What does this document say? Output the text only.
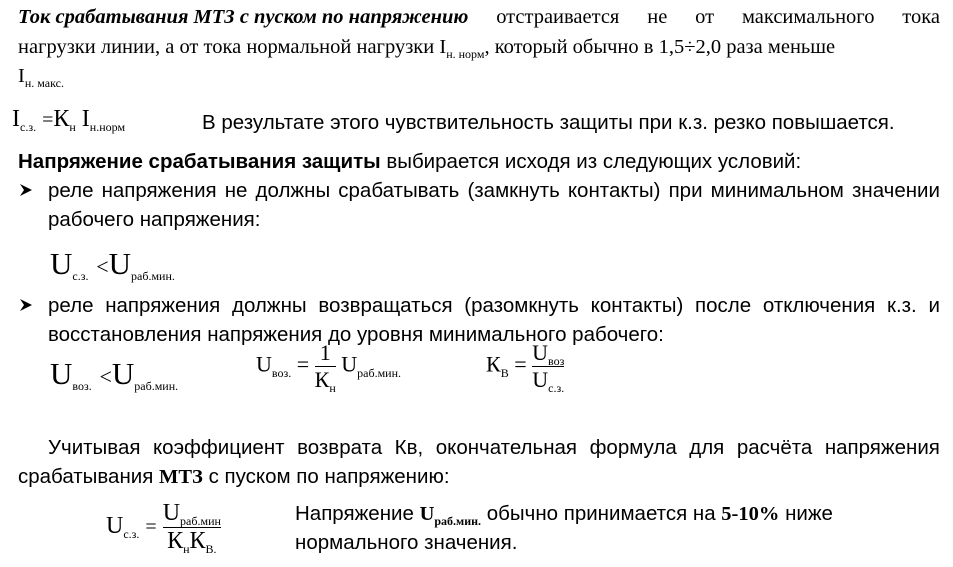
Ток срабатывания МТЗ с пуском по напряжению отстраивается не от максимального тока
нагрузки линии, а от тока нормальной нагрузки $I_{н. норм}$, который обычно в 1,5÷2,0 раза меньше
$I_{н. макс.}$
$I_{с.з.} =К_н$ $I_{н.норм}$	В результате этого чувствительность защиты при к.з. резко повышается.
Напряжение срабатывания защиты выбирается исходя из следующих условий:
реле напряжения не должны срабатывать (замкнуть контакты) при минимальном значении
рабочего напряжения:
Uс.з. <Uраб.мин.
реле напряжения должны возвращаться (разомкнуть контакты) после отключения к.з. и
восстановления напряжения до уровня минимального рабочего:
Uвоз. <Uраб.мин.
$U_{воз.} = \frac{1}{К_н} U_{раб.мин.}$	$К_В = \frac{U_{воз}}{U_{с.з.}}$
Учитывая коэффициент возврата Кв, окончательная формула для расчёта напряжения
срабатывания МТЗ с пуском по напряжению:
$U_{с.з.} = \frac{U_{раб.мин}}{К_нК_{В.}}$	Напряжение $U_{раб.мин.}$ обычно принимается на 5-10% ниже
нормального значения.
